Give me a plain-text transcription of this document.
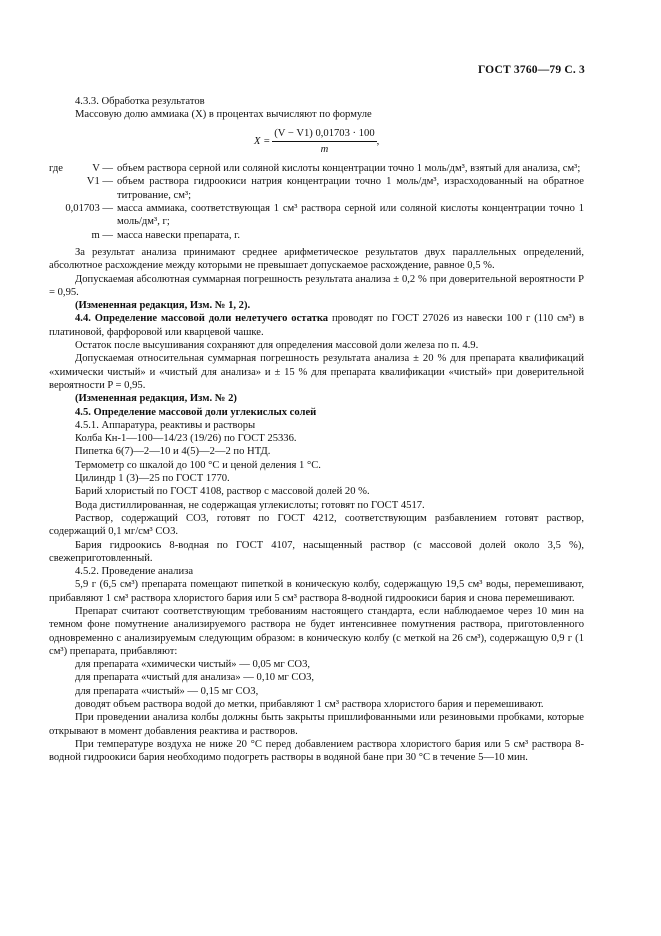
ГОСТ 3760—79 С. 3

4.3.3. Обработка результатов

Массовую долю аммиака (X) в процентах вычисляют по формуле

$X = \frac{(V - V1) 0,01703 \cdot 100}{m}$ ,
где	V — объем раствора серной или соляной кислоты концентрации точно 1 моль/дм³, взятый для анализа, см³;
V1 — объем раствора гидроокиси натрия концентрации точно 1 моль/дм³, израсходованный на обратное титрование, см³;
0,01703 — масса аммиака, соответствующая 1 см³ раствора серной или соляной кислоты концентрации точно 1 моль/дм³, г;
m — масса навески препарата, г.

За результат анализа принимают среднее арифметическое результатов двух параллельных определений, абсолютное расхождение между которыми не превышает допускаемое расхождение, равное 0,5 %.

Допускаемая абсолютная суммарная погрешность результата анализа ± 0,2 % при доверительной вероятности P = 0,95.

(Измененная редакция, Изм. № 1, 2).

4.4. Определение массовой доли нелетучего остатка проводят по ГОСТ 27026 из навески 100 г (110 см³) в платиновой, фарфоровой или кварцевой чашке.

Остаток после высушивания сохраняют для определения массовой доли железа по п. 4.9.

Допускаемая относительная суммарная погрешность результата анализа ± 20 % для препарата квалификаций «химически чистый» и «чистый для анализа» и ± 15 % для препарата квалификации «чистый» при доверительной вероятности P = 0,95.

(Измененная редакция, Изм. № 2)

4.5. Определение массовой доли углекислых солей

4.5.1. Аппаратура, реактивы и растворы

Колба Кн-1—100—14/23 (19/26) по ГОСТ 25336.

Пипетка 6(7)—2—10 и 4(5)—2—2 по НТД.

Термометр со шкалой до 100 °С и ценой деления 1 °С.

Цилиндр 1 (3)—25 по ГОСТ 1770.

Барий хлористый по ГОСТ 4108, раствор с массовой долей 20 %.

Вода дистиллированная, не содержащая углекислоты; готовят по ГОСТ 4517.

Раствор, содержащий CO3, готовят по ГОСТ 4212, соответствующим разбавлением готовят раствор, содержащий 0,1 мг/см³ CO3.

Бария гидроокись 8-водная по ГОСТ 4107, насыщенный раствор (с массовой долей около 3,5 %), свежеприготовленный.

4.5.2. Проведение анализа

5,9 г (6,5 см³) препарата помещают пипеткой в коническую колбу, содержащую 19,5 см³ воды, перемешивают, прибавляют 1 см³ раствора хлористого бария или 5 см³ раствора 8-водной гидроокиси бария и снова перемешивают.

Препарат считают соответствующим требованиям настоящего стандарта, если наблюдаемое через 10 мин на темном фоне помутнение анализируемого раствора не будет интенсивнее помутнения раствора, приготовленного одновременно с анализируемым следующим образом: в коническую колбу (с меткой на 26 см³), содержащую 0,9 г (1 см³) препарата, прибавляют:

для препарата «химически чистый» — 0,05 мг CO3,

для препарата «чистый для анализа» — 0,10 мг CO3,

для препарата «чистый» — 0,15 мг CO3,

доводят объем раствора водой до метки, прибавляют 1 см³ раствора хлористого бария и перемешивают.

При проведении анализа колбы должны быть закрыты пришлифованными или резиновыми пробками, которые открывают в момент добавления реактива и растворов.

При температуре воздуха не ниже 20 °С перед добавлением раствора хлористого бария или 5 см³ раствора 8-водной гидроокиси бария необходимо подогреть растворы в водяной бане при 30 °С в течение 5—10 мин.
